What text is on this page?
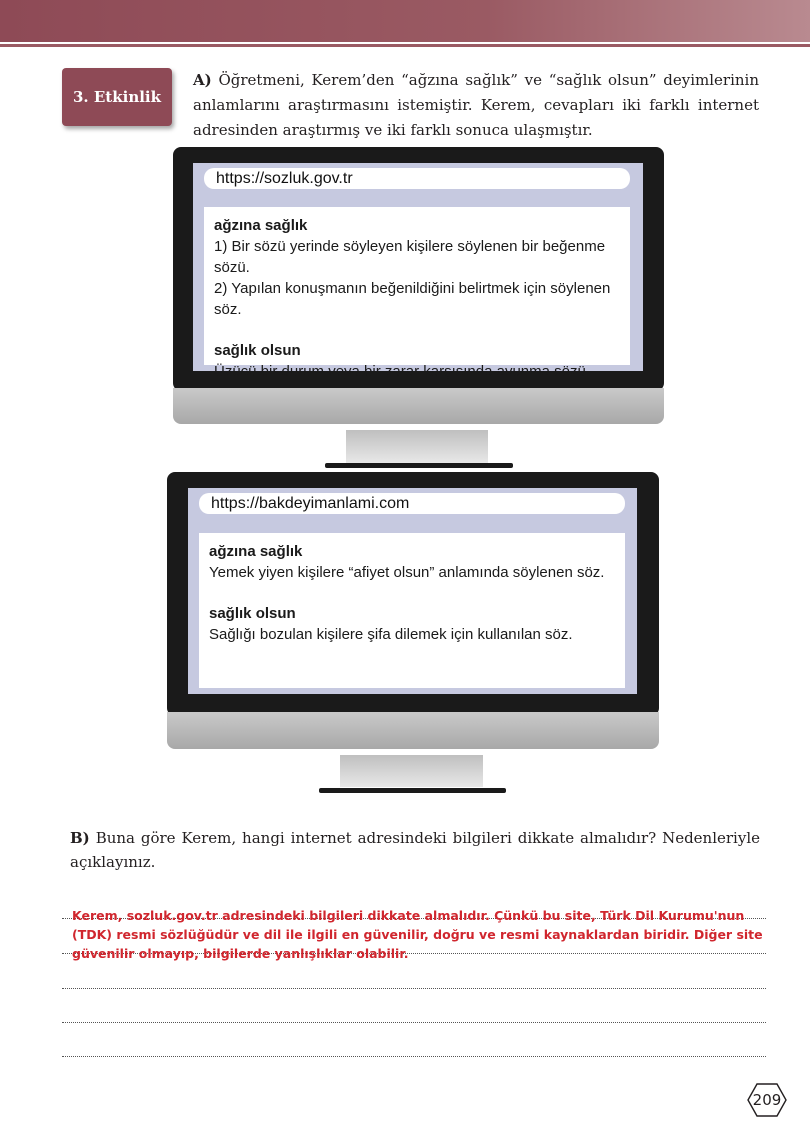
3. Etkinlik
A) Öğretmeni, Kerem’den “ağzına sağlık” ve “sağlık olsun” deyimlerinin anlamlarını araştırmasını istemiştir. Kerem, cevapları iki farklı internet adresinden araştırmış ve iki farklı sonuca ulaşmıştır.
https://sozluk.gov.tr
ağzına sağlık
1) Bir sözü yerinde söyleyen kişilere söylenen bir beğenme sözü.
2) Yapılan konuşmanın beğenildiğini belirtmek için söylenen söz.
sağlık olsun
Üzücü bir durum veya bir zarar karşısında avunma sözü
https://bakdeyimanlami.com
ağzına sağlık
Yemek yiyen kişilere “afiyet olsun” anlamında söylenen söz.
sağlık olsun
Sağlığı bozulan kişilere şifa dilemek için kullanılan söz.
B) Buna göre Kerem, hangi internet adresindeki bilgileri dikkate almalıdır? Nedenleriyle açıklayınız.
Kerem, sozluk.gov.tr adresindeki bilgileri dikkate almalıdır. Çünkü bu site, Türk Dil Kurumu'nun (TDK) resmi sözlüğüdür ve dil ile ilgili en güvenilir, doğru ve resmi kaynaklardan biridir. Diğer site güvenilir olmayıp, bilgilerde yanlışlıklar olabilir.
209
